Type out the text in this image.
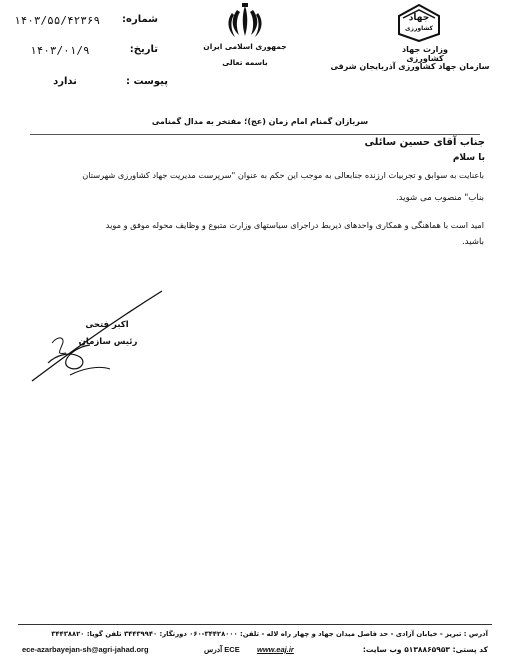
شماره:
۱۴۰۳/۵۵/۴۲۳۶۹
تاریخ:
۱۴۰۳/۰۱/۹
پیوست :
ندارد
جمهوری اسلامی ایران
باسمه تعالی
جهاد
کشاورزی
وزارت جهاد کشاورزی
سازمان جهاد کشاورزی آذربایجان شرقی
سربازان گمنام امام زمان (عج)؛ مفتخر به مدال گمنامی
جناب آقای حسین سائلی
با سلام
باعنایت به سوابق و تجربیات ارزنده جنابعالی به موجب این حکم به عنوان "سرپرست مدیریت جهاد کشاورزی شهرستان
بناب" منصوب می شوید.
امید است با هماهنگی و همکاری واحدهای ذیربط دراجرای سیاستهای وزارت متبوع و وظایف محوله موفق و موید
باشید.
اکبر فتحی
رئیس سازمان
آدرس : تبریز - خیابان آزادی - حد فاصل میدان جهاد و چهار راه لاله - تلفن: ۳۴۴۲۸۰۰۰-۰۶۰ دورنگار: ۳۴۴۳۹۹۴۰ تلفن گویا: ۳۴۴۳۸۸۲۰
ece-azarbayejan-sh@agri-jahad.org	ECE آدرس www.eaj.ir	کد پستی: ۵۱۳۸۸۶۵۹۵۳ وب سایت:
